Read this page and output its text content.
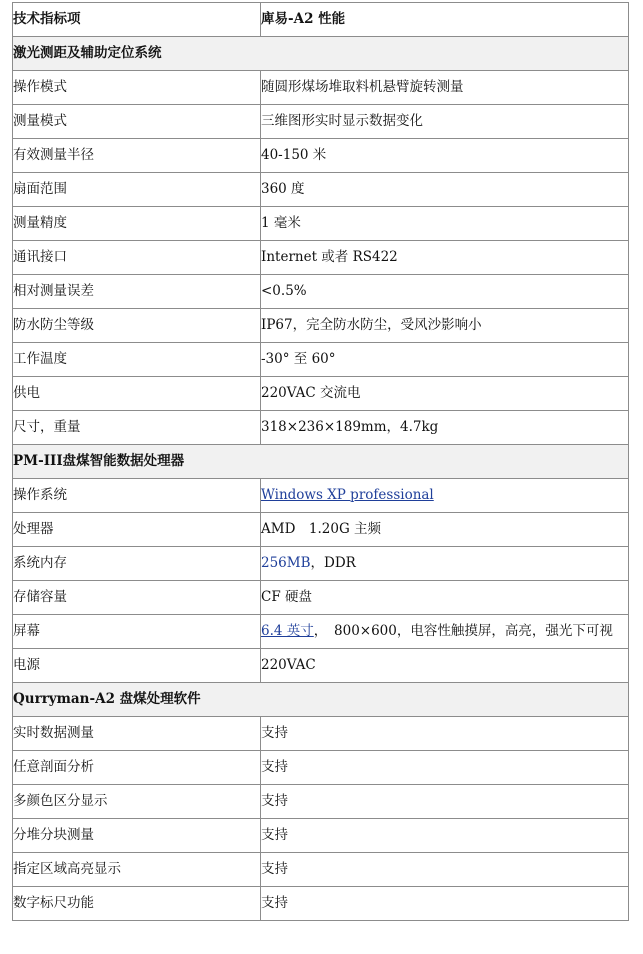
技术指标项	庳易-A2 性能
激光测距及辅助定位系统	
操作模式	随圆形煤场堆取料机悬臂旋转测量
测量模式	三维图形实时显示数据变化
有效测量半径	40-150 米
扇面范围	360 度
测量精度	1 毫米
通讯接口	Internet 或者 RS422
相对测量误差	<0.5%
防水防尘等级	IP67，完全防水防尘，受风沙影响小
工作温度	-30° 至 60°
供电	220VAC 交流电
尺寸，重量	318×236×189mm，4.7kg
PM-III盘煤智能数据处理器	
操作系统	Windows XP professional
处理器	AMD　1.20G 主频
系统内存	256MB，DDR
存储容量	CF 硬盘
屏幕	6.4 英寸，　800×600，电容性触摸屏，高亮，强光下可视
电源	220VAC
Qurryman-A2 盘煤处理软件	
实时数据测量	支持
任意剖面分析	支持
多颜色区分显示	支持
分堆分块测量	支持
指定区域高亮显示	支持
数字标尺功能	支持
